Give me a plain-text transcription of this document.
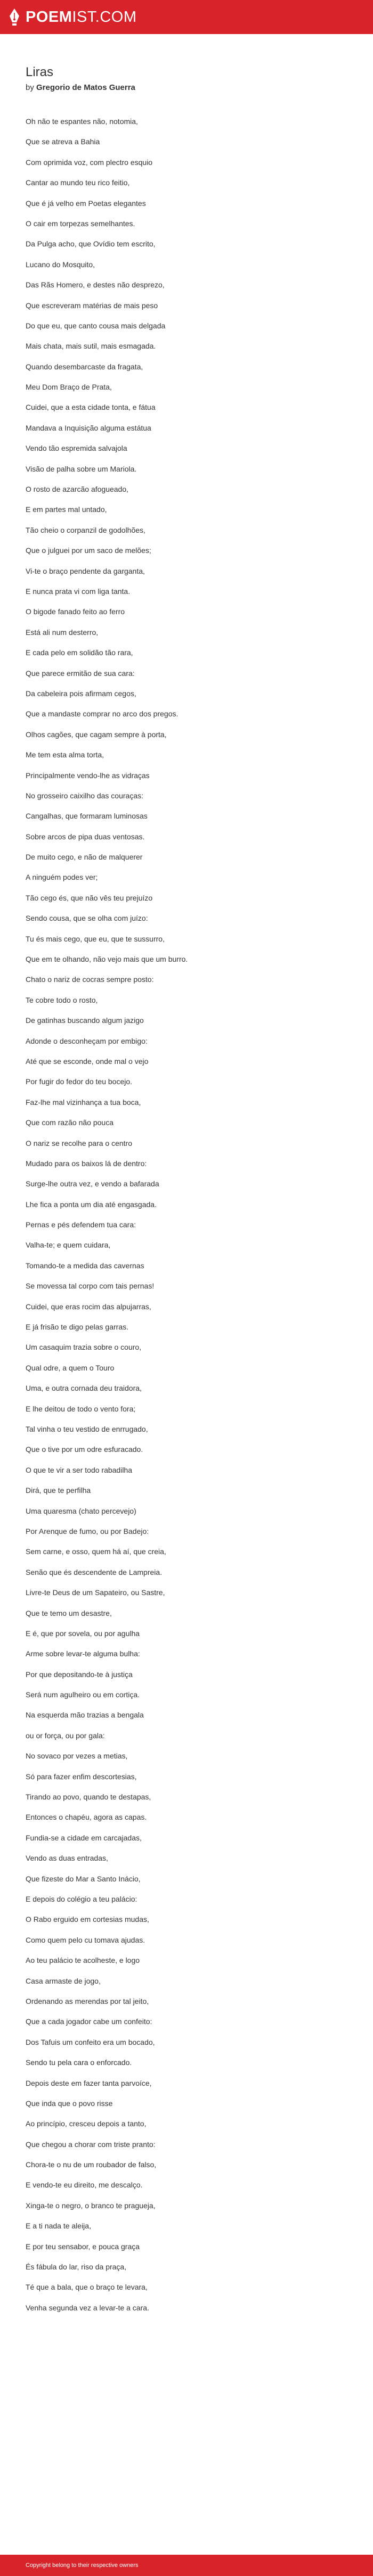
POEMIST.COM
Liras
by Gregorio de Matos Guerra
Oh não te espantes não, notomia,
Que se atreva a Bahia
Com oprimida voz, com plectro esquio
Cantar ao mundo teu rico feitio,
Que é já velho em Poetas elegantes
O cair em torpezas semelhantes.
Da Pulga acho, que Ovídio tem escrito,
Lucano do Mosquito,
Das Rãs Homero, e destes não desprezo,
Que escreveram matérias de mais peso
Do que eu, que canto cousa mais delgada
Mais chata, mais sutil, mais esmagada.
Quando desembarcaste da fragata,
Meu Dom Braço de Prata,
Cuidei, que a esta cidade tonta, e fátua
Mandava a Inquisição alguma estátua
Vendo tão espremida salvajola
Visão de palha sobre um Mariola.
O rosto de azarcão afogueado,
E em partes mal untado,
Tão cheio o corpanzil de godolhões,
Que o julguei por um saco de melões;
Vi-te o braço pendente da garganta,
E nunca prata vi com liga tanta.
O bigode fanado feito ao ferro
Está ali num desterro,
E cada pelo em solidão tão rara,
Que parece ermitão de sua cara:
Da cabeleira pois afirmam cegos,
Que a mandaste comprar no arco dos pregos.
Olhos cagões, que cagam sempre à porta,
Me tem esta alma torta,
Principalmente vendo-lhe as vidraças
No grosseiro caixilho das couraças:
Cangalhas, que formaram luminosas
Sobre arcos de pipa duas ventosas.
De muito cego, e não de malquerer
A ninguém podes ver;
Tão cego és, que não vês teu prejuízo
Sendo cousa, que se olha com juízo:
Tu és mais cego, que eu, que te sussurro,
Que em te olhando, não vejo mais que um burro.
Chato o nariz de cocras sempre posto:
Te cobre todo o rosto,
De gatinhas buscando algum jazigo
Adonde o desconheçam por embigo:
Até que se esconde, onde mal o vejo
Por fugir do fedor do teu bocejo.
Faz-lhe mal vizinhança a tua boca,
Que com razão não pouca
O nariz se recolhe para o centro
Mudado para os baixos lá de dentro:
Surge-lhe outra vez, e vendo a bafarada
Lhe fica a ponta um dia até engasgada.
Pernas e pés defendem tua cara:
Valha-te; e quem cuidara,
Tomando-te a medida das cavernas
Se movessa tal corpo com tais pernas!
Cuidei, que eras rocim das alpujarras,
E já frisão te digo pelas garras.
Um casaquim trazia sobre o couro,
Qual odre, a quem o Touro
Uma, e outra cornada deu traidora,
E lhe deitou de todo o vento fora;
Tal vinha o teu vestido de enrrugado,
Que o tive por um odre esfuracado.
O que te vir a ser todo rabadilha
Dirá, que te perfilha
Uma quaresma (chato percevejo)
Por Arenque de fumo, ou por Badejo:
Sem carne, e osso, quem há aí, que creia,
Senão que és descendente de Lampreia.
Livre-te Deus de um Sapateiro, ou Sastre,
Que te temo um desastre,
E é, que por sovela, ou por agulha
Arme sobre levar-te alguma bulha:
Por que depositando-te à justiça
Será num agulheiro ou em cortiça.
Na esquerda mão trazias a bengala
ou or força, ou por gala:
No sovaco por vezes a metias,
Só para fazer enfim descortesias,
Tirando ao povo, quando te destapas,
Entonces o chapéu, agora as capas.
Fundia-se a cidade em carcajadas,
Vendo as duas entradas,
Que fizeste do Mar a Santo Inácio,
E depois do colégio a teu palácio:
O Rabo erguido em cortesias mudas,
Como quem pelo cu tomava ajudas.
Ao teu palácio te acolheste, e logo
Casa armaste de jogo,
Ordenando as merendas por tal jeito,
Que a cada jogador cabe um confeito:
Dos Tafuis um confeito era um bocado,
Sendo tu pela cara o enforcado.
Depois deste em fazer tanta parvoíce,
Que inda que o povo risse
Ao princípio, cresceu depois a tanto,
Que chegou a chorar com triste pranto:
Chora-te o nu de um roubador de falso,
E vendo-te eu direito, me descalço.
Xinga-te o negro, o branco te praguejа,
E a ti nada te aleija,
E por teu sensabor, e pouca graça
És fábula do lar, riso da praça,
Té que a bala, que o braço te levara,
Venha segunda vez a levar-te a cara.
Copyright belong to their respective owners
